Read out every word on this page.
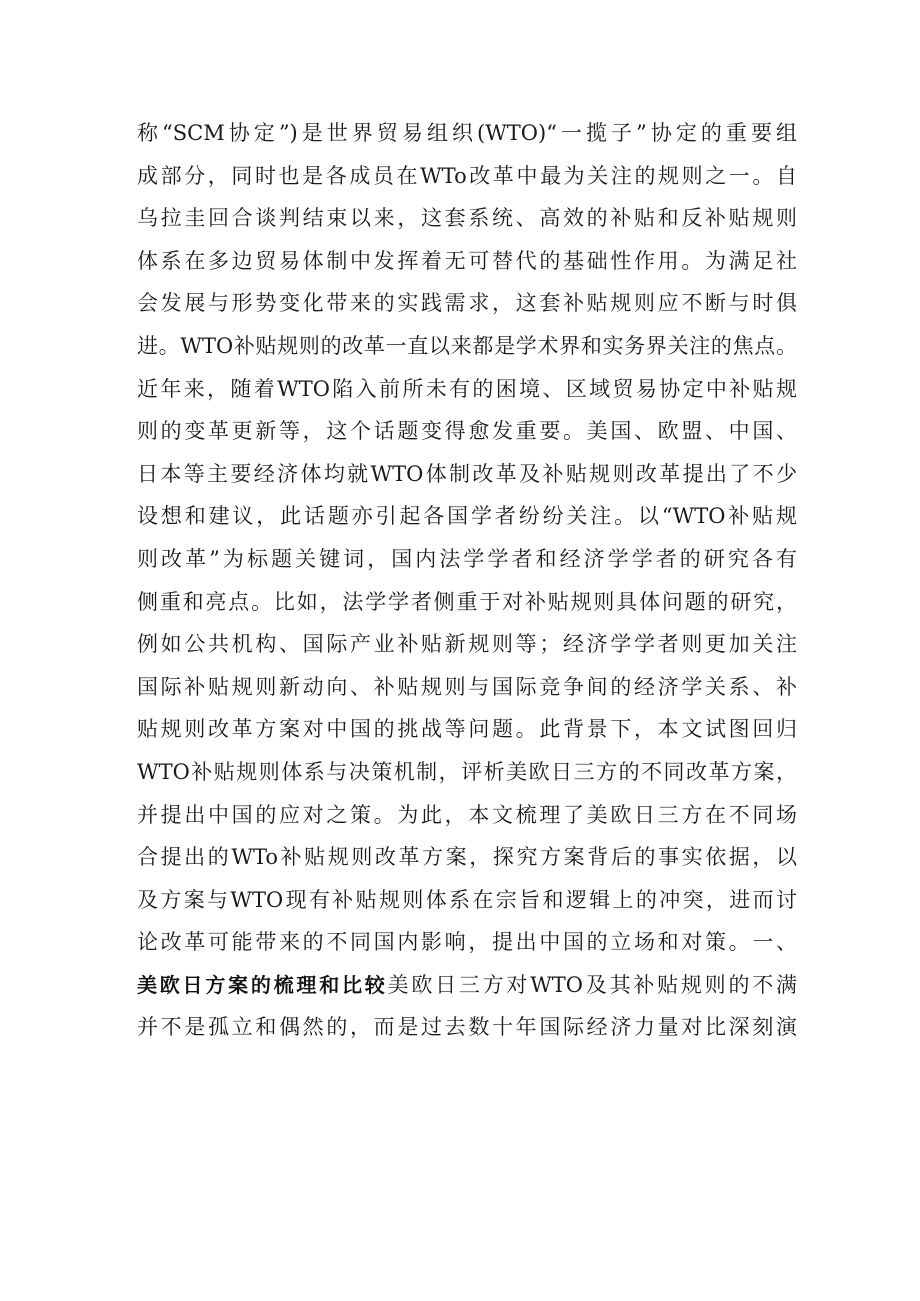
称“SCM协定”)是世界贸易组织(WTO)“一揽子”协定的重要组
成部分，同时也是各成员在WTo改革中最为关注的规则之一。自
乌拉圭回合谈判结束以来，这套系统、高效的补贴和反补贴规则
体系在多边贸易体制中发挥着无可替代的基础性作用。为满足社
会发展与形势变化带来的实践需求，这套补贴规则应不断与时俱
进。WTO补贴规则的改革一直以来都是学术界和实务界关注的焦点。
近年来，随着WTO陷入前所未有的困境、区域贸易协定中补贴规
则的变革更新等，这个话题变得愈发重要。美国、欧盟、中国、
日本等主要经济体均就WTO体制改革及补贴规则改革提出了不少
设想和建议，此话题亦引起各国学者纷纷关注。以“WTO补贴规
则改革”为标题关键词，国内法学学者和经济学学者的研究各有
侧重和亮点。比如，法学学者侧重于对补贴规则具体问题的研究，
例如公共机构、国际产业补贴新规则等；经济学学者则更加关注
国际补贴规则新动向、补贴规则与国际竞争间的经济学关系、补
贴规则改革方案对中国的挑战等问题。此背景下，本文试图回归
WTO补贴规则体系与决策机制，评析美欧日三方的不同改革方案，
并提出中国的应对之策。为此，本文梳理了美欧日三方在不同场
合提出的WTo补贴规则改革方案，探究方案背后的事实依据，以
及方案与WTO现有补贴规则体系在宗旨和逻辑上的冲突，进而讨
论改革可能带来的不同国内影响，提出中国的立场和对策。一、
美欧日方案的梳理和比较美欧日三方对WTO及其补贴规则的不满
并不是孤立和偶然的，而是过去数十年国际经济力量对比深刻演
